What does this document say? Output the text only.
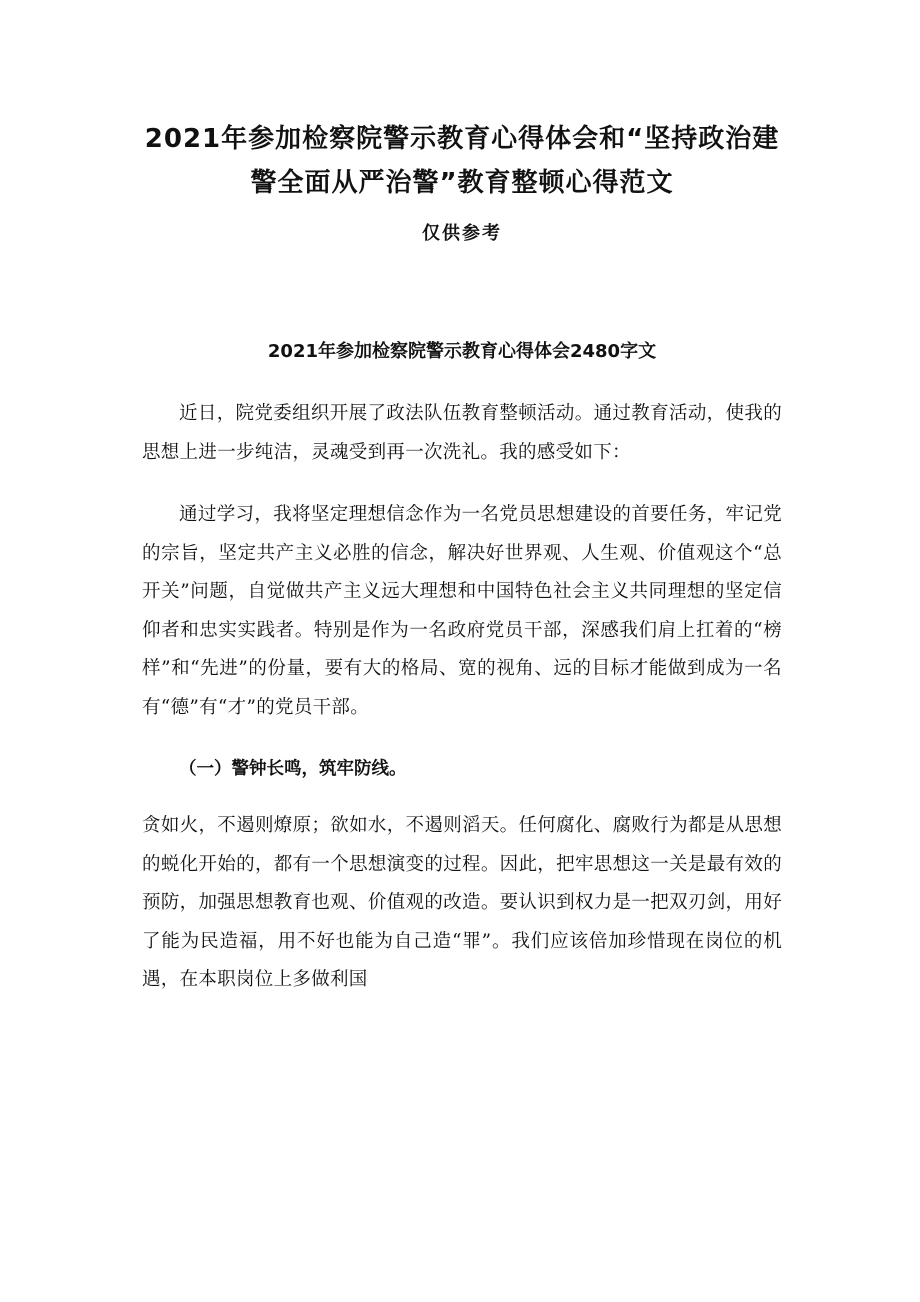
2021年参加检察院警示教育心得体会和“坚持政治建
警全面从严治警”教育整顿心得范文
仅供参考
2021年参加检察院警示教育心得体会2480字文

近日，院党委组织开展了政法队伍教育整顿活动。通过教育活动，使我的思想上进一步纯洁，灵魂受到再一次洗礼。我的感受如下：

通过学习，我将坚定理想信念作为一名党员思想建设的首要任务，牢记党的宗旨，坚定共产主义必胜的信念，解决好世界观、人生观、价值观这个“总开关”问题，自觉做共产主义远大理想和中国特色社会主义共同理想的坚定信仰者和忠实实践者。特别是作为一名政府党员干部，深感我们肩上扛着的“榜样”和“先进”的份量，要有大的格局、宽的视角、远的目标才能做到成为一名有“德”有“才”的党员干部。

（一）警钟长鸣，筑牢防线。

贪如火，不遏则燎原；欲如水，不遏则滔天。任何腐化、腐败行为都是从思想的蜕化开始的，都有一个思想演变的过程。因此，把牢思想这一关是最有效的预防，加强思想教育也观、价值观的改造。要认识到权力是一把双刃剑，用好了能为民造福，用不好也能为自己造“罪”。我们应该倍加珍惜现在岗位的机遇，在本职岗位上多做利国
